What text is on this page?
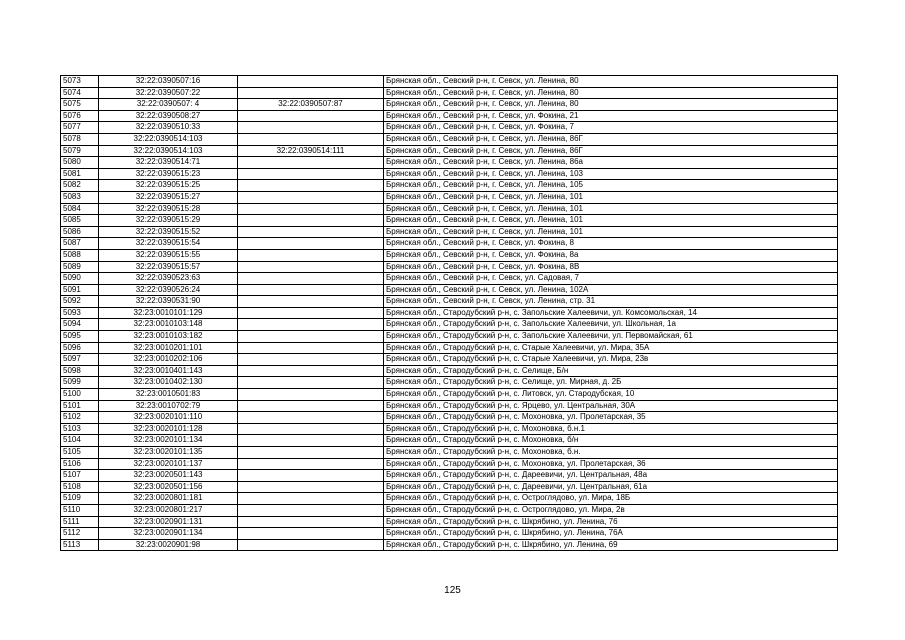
5073	32:22:0390507:16		Брянская обл., Севский р-н, г. Севск, ул. Ленина, 80
5074	32:22:0390507:22		Брянская обл., Севский р-н, г. Севск, ул. Ленина, 80
5075	32:22:0390507: 4	32:22:0390507:87	Брянская обл., Севский р-н, г. Севск, ул. Ленина, 80
5076	32:22:0390508:27		Брянская обл., Севский р-н, г. Севск, ул. Фокина, 21
5077	32:22:0390510:33		Брянская обл., Севский р-н, г. Севск, ул. Фокина, 7
5078	32:22:0390514:103		Брянская обл., Севский р-н, г. Севск, ул. Ленина, 86Г
5079	32:22:0390514:103	32:22:0390514:111	Брянская обл., Севский р-н, г. Севск, ул. Ленина, 86Г
5080	32:22:0390514:71		Брянская обл., Севский р-н, г. Севск, ул. Ленина, 86а
5081	32:22:0390515:23		Брянская обл., Севский р-н, г. Севск, ул. Ленина, 103
5082	32:22:0390515:25		Брянская обл., Севский р-н, г. Севск, ул. Ленина, 105
5083	32:22:0390515:27		Брянская обл., Севский р-н, г. Севск, ул. Ленина, 101
5084	32:22:0390515:28		Брянская обл., Севский р-н, г. Севск, ул. Ленина, 101
5085	32:22:0390515:29		Брянская обл., Севский р-н, г. Севск, ул. Ленина, 101
5086	32:22:0390515:52		Брянская обл., Севский р-н, г. Севск, ул. Ленина, 101
5087	32:22:0390515:54		Брянская обл., Севский р-н, г. Севск, ул. Фокина, 8
5088	32:22:0390515:55		Брянская обл., Севский р-н, г. Севск, ул. Фокина, 8а
5089	32:22:0390515:57		Брянская обл., Севский р-н, г. Севск, ул. Фокина, 8В
5090	32:22:0390523:63		Брянская обл., Севский р-н, г. Севск, ул. Садовая, 7
5091	32:22:0390526:24		Брянская обл., Севский р-н, г. Севск, ул. Ленина, 102А
5092	32:22:0390531:90		Брянская обл., Севский р-н, г. Севск, ул. Ленина, стр. 31
5093	32:23:0010101:129		Брянская обл., Стародубский р-н, с. Запольские Халеевичи, ул. Комсомольская, 14
5094	32:23:0010103:148		Брянская обл., Стародубский р-н, с. Запольские Халеевичи, ул. Школьная, 1а
5095	32:23:0010103:182		Брянская обл., Стародубский р-н, с. Запольские Халеевичи, ул. Первомайская, 61
5096	32:23:0010201:101		Брянская обл., Стародубский р-н, с. Старые Халеевичи, ул. Мира, 35А
5097	32:23:0010202:106		Брянская обл., Стародубский р-н, с. Старые Халеевичи, ул. Мира, 23в
5098	32:23:0010401:143		Брянская обл., Стародубский р-н, с. Селище, Б/н
5099	32:23:0010402:130		Брянская обл., Стародубский р-н, с. Селище, ул. Мирная, д. 2Б
5100	32:23:0010501:83		Брянская обл., Стародубский р-н, с. Литовск, ул. Стародубская, 10
5101	32:23:0010702:79		Брянская обл., Стародубский р-н, с. Ярцево, ул. Центральная, 30А
5102	32:23:0020101:110		Брянская обл., Стародубский р-н, с. Мохоновка, ул. Пролетарская, 35
5103	32:23:0020101:128		Брянская обл., Стародубский р-н, с. Мохоновка, б.н.1
5104	32:23:0020101:134		Брянская обл., Стародубский р-н, с. Мохоновка, б/н
5105	32:23:0020101:135		Брянская обл., Стародубский р-н, с. Мохоновка, б.н.
5106	32:23:0020101:137		Брянская обл., Стародубский р-н, с. Мохоновка, ул. Пролетарская, 36
5107	32:23:0020501:143		Брянская обл., Стародубский р-н, с. Дареевичи, ул. Центральная, 48а
5108	32:23:0020501:156		Брянская обл., Стародубский р-н, с. Дареевичи, ул. Центральная, 61а
5109	32:23:0020801:181		Брянская обл., Стародубский р-н, с. Остроглядово, ул. Мира, 18Б
5110	32:23:0020801:217		Брянская обл., Стародубский р-н, с. Остроглядово, ул. Мира, 2в
5111	32:23:0020901:131		Брянская обл., Стародубский р-н, с. Шкрябино, ул. Ленина, 76
5112	32:23:0020901:134		Брянская обл., Стародубский р-н, с. Шкрябино, ул. Ленина, 76А
5113	32:23:0020901:98		Брянская обл., Стародубский р-н, с. Шкрябино, ул. Ленина, 69
125
